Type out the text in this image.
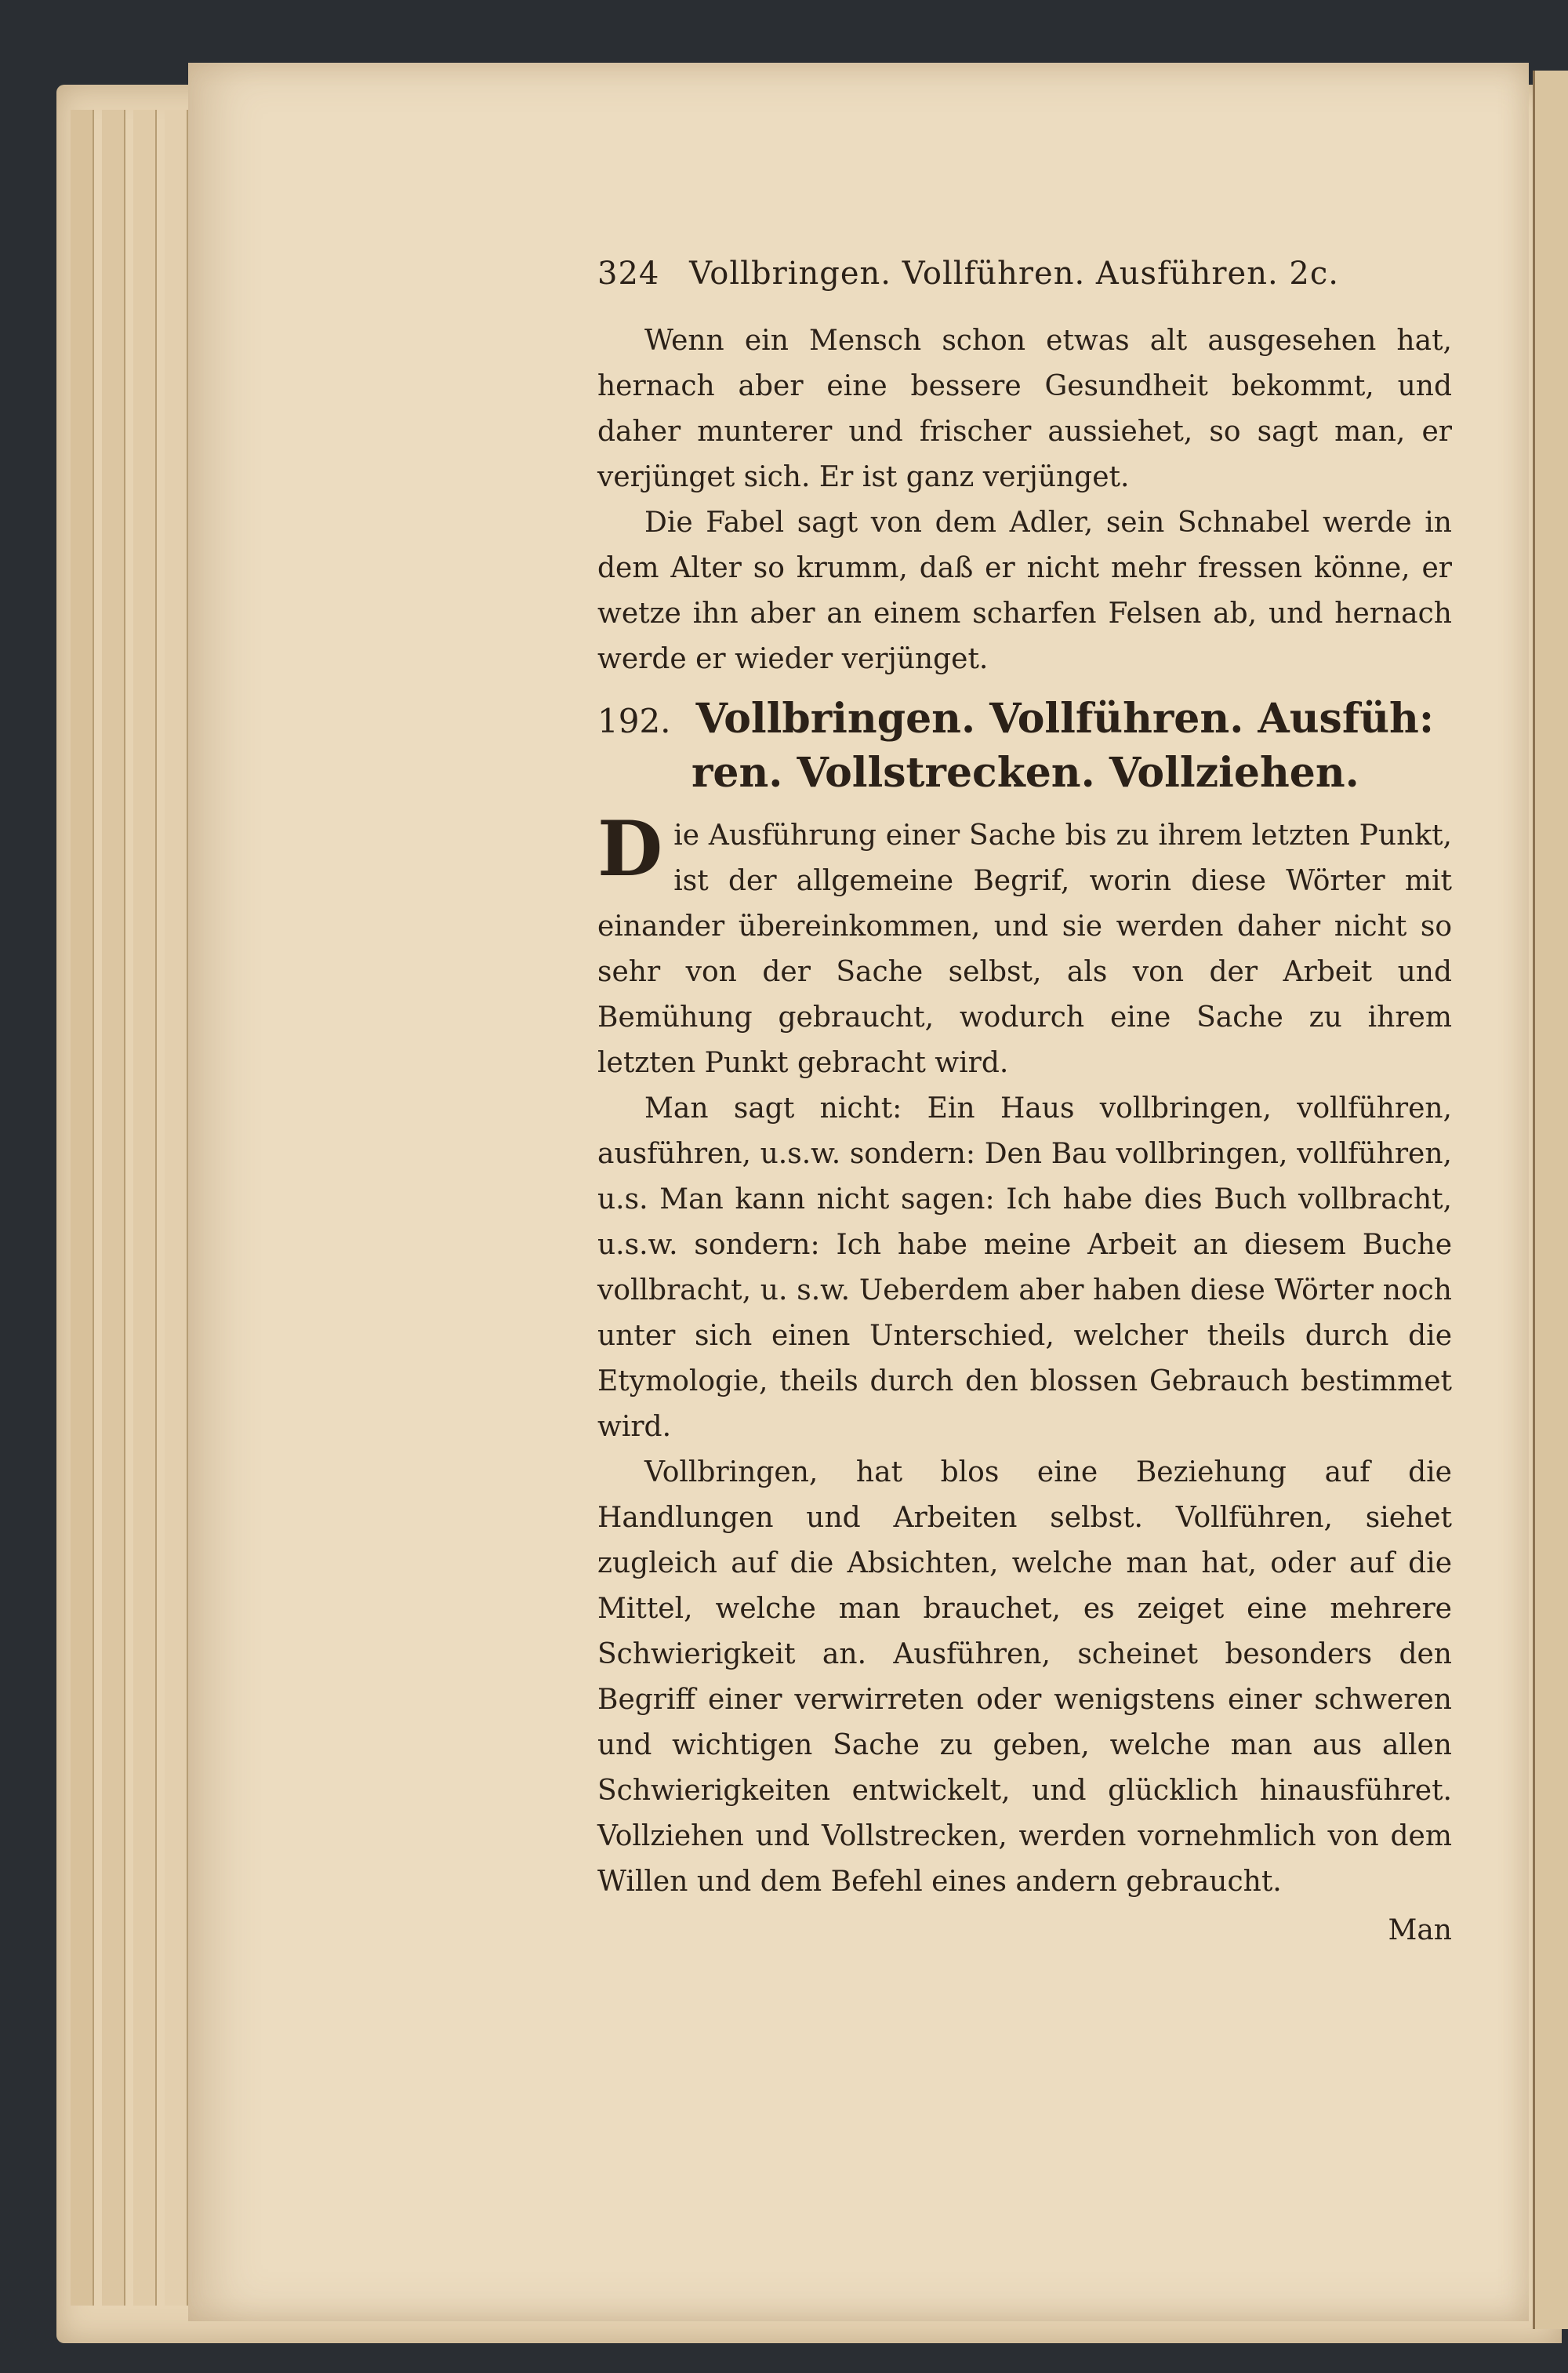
324 Vollbringen. Vollführen. Ausführen. 2c.

Wenn ein Mensch schon etwas alt ausgesehen hat, hernach aber eine bessere Gesundheit bekommt, und daher munterer und frischer aussiehet, so sagt man, er verjünget sich. Er ist ganz verjünget.

Die Fabel sagt von dem Adler, sein Schnabel werde in dem Alter so krumm, daß er nicht mehr fressen könne, er wetze ihn aber an einem scharfen Felsen ab, und hernach werde er wieder verjünget.

192. Vollbringen. Vollführen. Ausfüh:
ren. Vollstrecken. Vollziehen.

Die Ausführung einer Sache bis zu ihrem letzten Punkt, ist der allgemeine Begrif, worin diese Wörter mit einander übereinkommen, und sie werden daher nicht so sehr von der Sache selbst, als von der Arbeit und Bemühung gebraucht, wodurch eine Sache zu ihrem letzten Punkt gebracht wird.

Man sagt nicht: Ein Haus vollbringen, vollführen, ausführen, u.s.w. sondern: Den Bau vollbringen, vollführen, u.s. Man kann nicht sagen: Ich habe dies Buch vollbracht, u.s.w. sondern: Ich habe meine Arbeit an diesem Buche vollbracht, u. s.w. Ueberdem aber haben diese Wörter noch unter sich einen Unterschied, welcher theils durch die Etymologie, theils durch den blossen Gebrauch bestimmet wird.

Vollbringen, hat blos eine Beziehung auf die Handlungen und Arbeiten selbst. Vollführen, siehet zugleich auf die Absichten, welche man hat, oder auf die Mittel, welche man brauchet, es zeiget eine mehrere Schwierigkeit an. Ausführen, scheinet besonders den Begriff einer verwirreten oder wenigstens einer schweren und wichtigen Sache zu geben, welche man aus allen Schwierigkeiten entwickelt, und glücklich hinausführet. Vollziehen und Vollstrecken, werden vornehmlich von dem Willen und dem Befehl eines andern gebraucht.

Man
